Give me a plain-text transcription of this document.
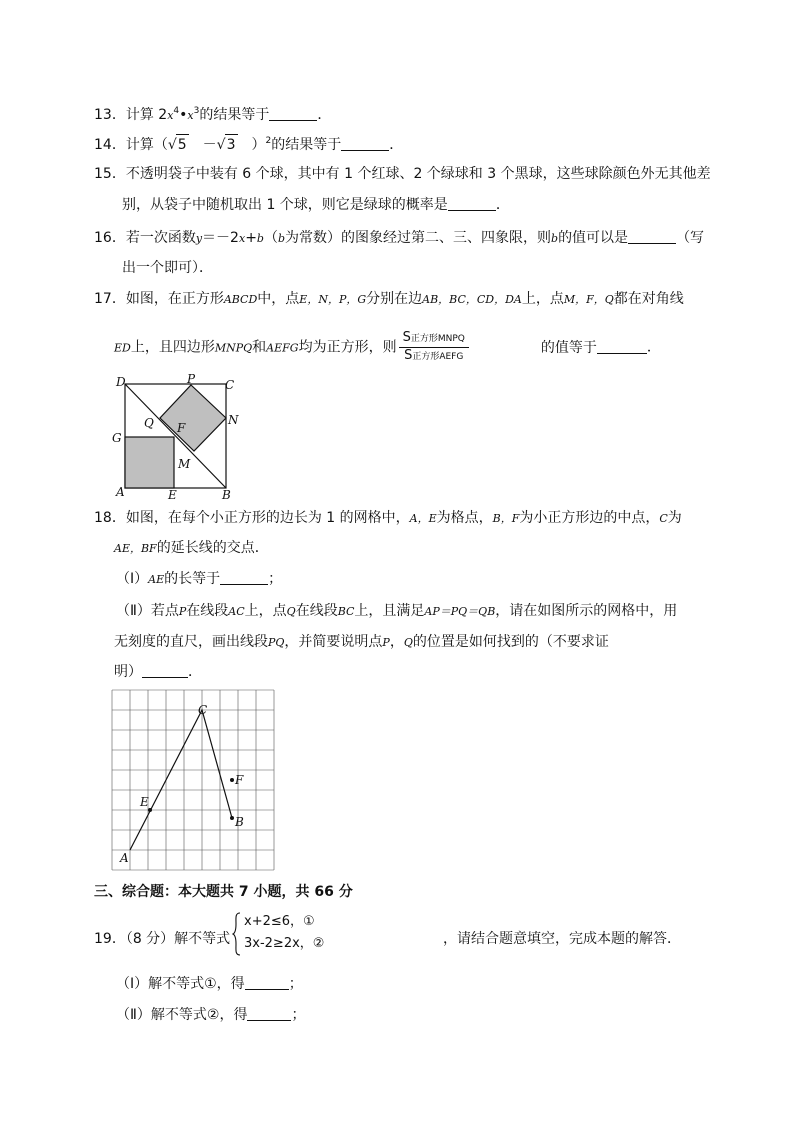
13．计算 $2x^4•x^3$的结果等于	．
14．计算（√5 －√3 ）$^2$的结果等于	．
15．不透明袋子中装有 6 个球，其中有 1 个红球、2 个绿球和 3 个黑球，这些球除颜色外无其他差
别，从袋子中随机取出 1 个球，则它是绿球的概率是	．
16．若一次函数y＝－2x+b（b为常数）的图象经过第二、三、四象限，则b的值可以是	（写
出一个即可）．
17．如图，在正方形ABCD中，点E，N，P，G分别在边AB，BC，CD，DA上，点M，F，Q都在对角线
ED上，且四边形MNPQ和AEFG均为正方形，则 $\frac{\text{S正方形MNPQ}}{\text{S正方形AEFG}}$	的值等于	．
D	P C
Q F
N
G
M
A	E	B
18．如图，在每个小正方形的边长为 1 的网格中，A，E为格点，B，F为小正方形边的中点，C为
AE，BF的延长线的交点．
（Ⅰ）AE的长等于	；
（Ⅱ）若点P在线段AC上，点Q在线段BC上，且满足AP＝PQ＝QB，请在如图所示的网格中，用
无刻度的直尺，画出线段PQ，并简要说明点P，Q的位置是如何找到的（不要求证
明）	．
C
F
E
B
A
三、综合题：本大题共 7 小题，共 66 分
19．（8 分）解不等式
x+2≤6，①
3x-2≥2x，②	，请结合题意填空，完成本题的解答．
（Ⅰ）解不等式①，得	；
（Ⅱ）解不等式②，得	；
